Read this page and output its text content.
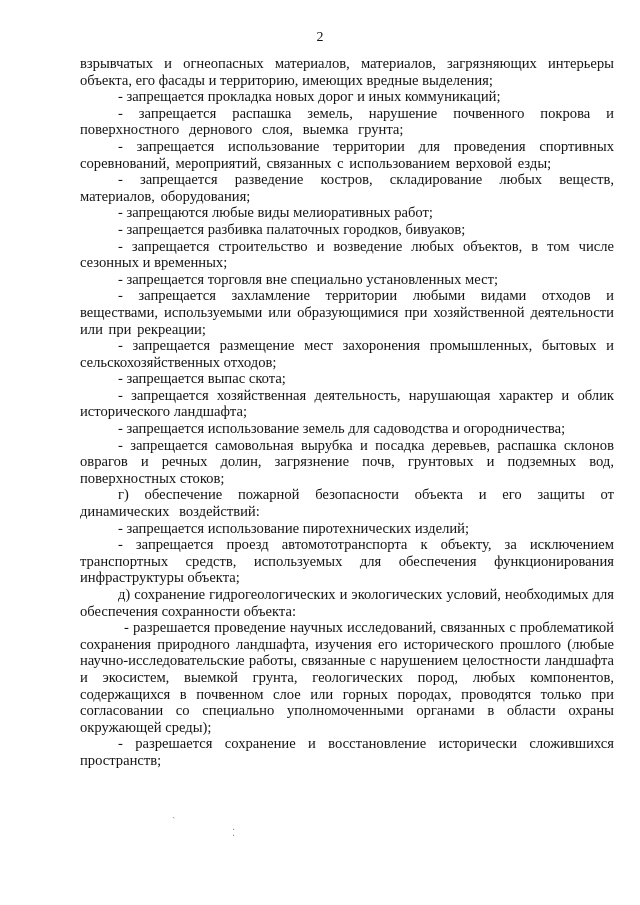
2

взрывчатых и огнеопасных материалов, материалов, загрязняющих интерьеры объекта, его фасады и территорию, имеющих вредные выделения;

- запрещается прокладка новых дорог и иных коммуникаций;

- запрещается распашка земель, нарушение почвенного покрова и поверхностного дернового слоя, выемка грунта;

- запрещается использование территории для проведения спортивных соревнований, мероприятий, связанных с использованием верховой езды;

- запрещается разведение костров, складирование любых веществ, материалов, оборудования;

- запрещаются любые виды мелиоративных работ;

- запрещается разбивка палаточных городков, бивуаков;

- запрещается строительство и возведение любых объектов, в том числе сезонных и временных;

- запрещается торговля вне специально установленных мест;

- запрещается захламление территории любыми видами отходов и веществами, используемыми или образующимися при хозяйственной деятельности или при рекреации;

- запрещается размещение мест захоронения промышленных, бытовых и сельскохозяйственных отходов;

- запрещается выпас скота;

- запрещается хозяйственная деятельность, нарушающая характер и облик исторического ландшафта;

- запрещается использование земель для садоводства и огородничества;

- запрещается самовольная вырубка и посадка деревьев, распашка склонов оврагов и речных долин, загрязнение почв, грунтовых и подземных вод, поверхностных стоков;

г) обеспечение пожарной безопасности объекта и его защиты от динамических воздействий:

- запрещается использование пиротехнических изделий;

- запрещается проезд автомототранспорта к объекту, за исключением транспортных средств, используемых для обеспечения функционирования инфраструктуры объекта;

д) сохранение гидрогеологических и экологических условий, необходимых для обеспечения сохранности объекта:

- разрешается проведение научных исследований, связанных с проблематикой сохранения природного ландшафта, изучения его исторического прошлого (любые научно-исследовательские работы, связанные с нарушением целостности ландшафта и экосистем, выемкой грунта, геологических пород, любых компонентов, содержащихся в почвенном слое или горных породах, проводятся только при согласовании со специально уполномоченными органами в области охраны окружающей среды);

- разрешается сохранение и восстановление исторически сложившихся пространств;

ˎ
⁚
